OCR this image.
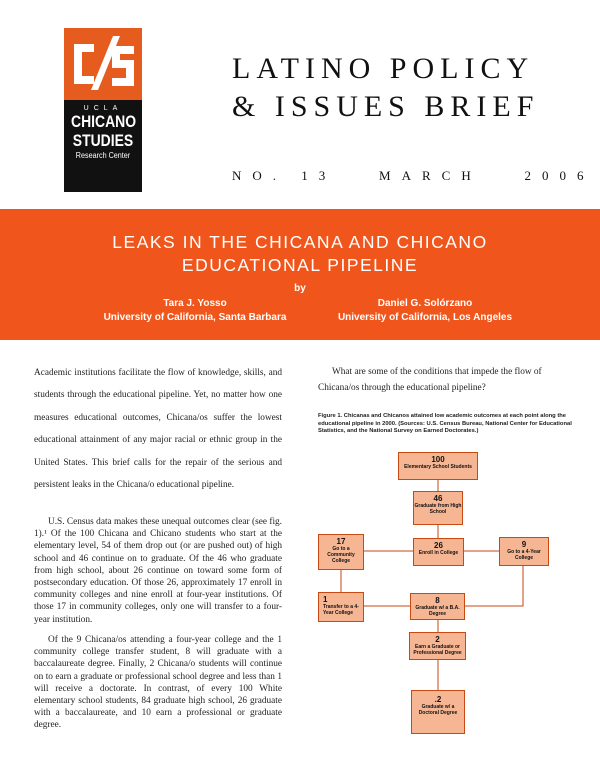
UCLA
CHICANO
STUDIES
Research Center
LATINO POLICY
& ISSUES BRIEF
NO. 13   MARCH   2006
LEAKS IN THE CHICANA AND CHICANO
EDUCATIONAL PIPELINE
by
Tara J. Yosso
University of California, Santa Barbara
Daniel G. Solórzano
University of California, Los Angeles
Academic institutions facilitate the flow of knowledge, skills, and students through the educational pipeline. Yet, no matter how one measures educational outcomes, Chicana/os suffer the lowest educational attainment of any major racial or ethnic group in the United States. This brief calls for the repair of the serious and persistent leaks in the Chicana/o educational pipeline.
U.S. Census data makes these unequal outcomes clear (see fig. 1).¹ Of the 100 Chicana and Chicano students who start at the elementary level, 54 of them drop out (or are pushed out) of high school and 46 continue on to graduate. Of the 46 who graduate from high school, about 26 continue on toward some form of postsecondary education. Of those 26, approximately 17 enroll in community colleges and nine enroll at four-year institutions. Of those 17 in community colleges, only one will transfer to a four-year institution.
Of the 9 Chicana/os attending a four-year college and the 1 community college transfer student, 8 will graduate with a baccalaureate degree. Finally, 2 Chicana/o students will continue on to earn a graduate or professional school degree and less than 1 will receive a doctorate. In contrast, of every 100 White elementary school students, 84 graduate high school, 26 graduate with a baccalaureate, and 10 earn a professional or graduate degree.
What are some of the conditions that impede the flow of Chicana/os through the educational pipeline?
Figure 1. Chicanas and Chicanos attained low academic outcomes at each point along the educational pipeline in 2000. (Sources: U.S. Census Bureau, National Center for Educational Statistics, and the National Survey on Earned Doctorates.)
100
Elementary School Students
46
Graduate from High School
26
Enroll in College
17
Go to a Community College
9
Go to a 4-Year College
1
Transfer to a 4-Year College
8
Graduate w/ a B.A. Degree
2
Earn a Graduate or Professional Degree
.2
Graduate w/ a Doctoral Degree
